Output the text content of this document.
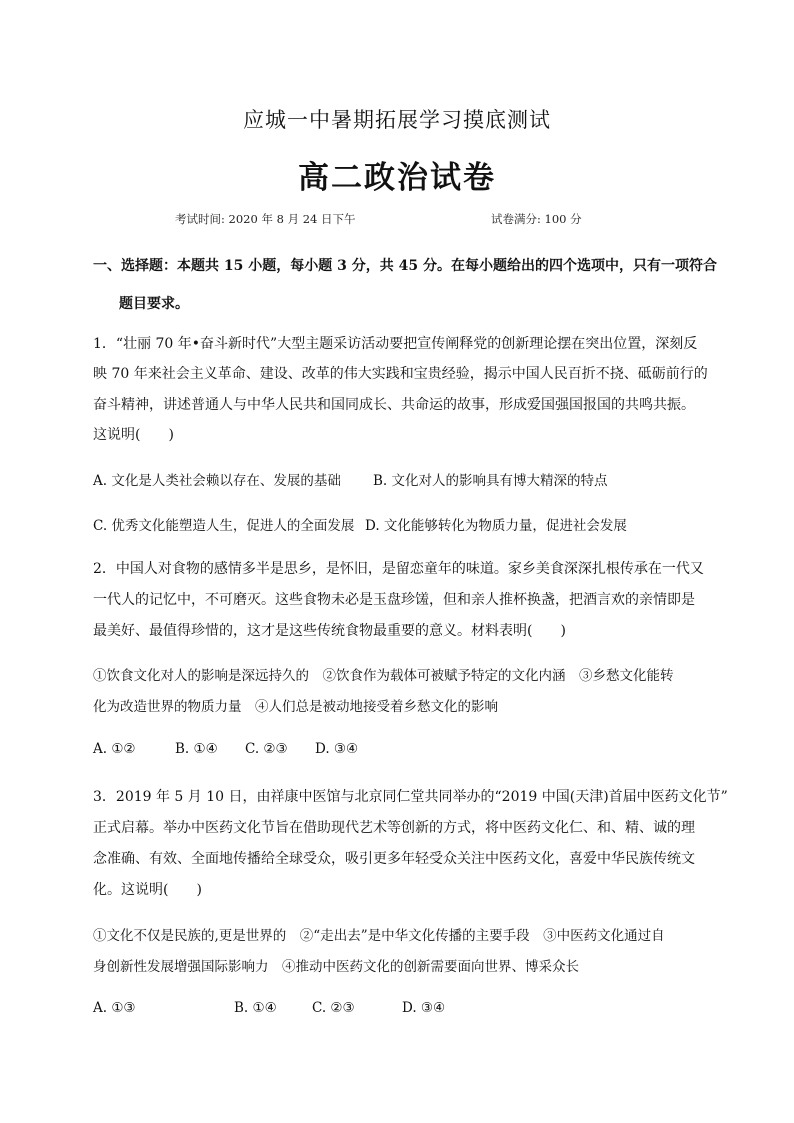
应城一中暑期拓展学习摸底测试
高二政治试卷
考试时间: 2020 年 8 月 24 日下午	试卷满分: 100 分
一、选择题：本题共 15 小题，每小题 3 分，共 45 分。在每小题给出的四个选项中，只有一项符合
题目要求。
1．“壮丽 70 年•奋斗新时代”大型主题采访活动要把宣传阐释党的创新理论摆在突出位置，深刻反
映 70 年来社会主义革命、建设、改革的伟大实践和宝贵经验，揭示中国人民百折不挠、砥砺前行的
奋斗精神，讲述普通人与中华人民共和国同成长、共命运的故事，形成爱国强国报国的共鸣共振。
这说明(　　)
A. 文化是人类社会赖以存在、发展的基础 B. 文化对人的影响具有博大精深的特点
C. 优秀文化能塑造人生，促进人的全面发展 D. 文化能够转化为物质力量，促进社会发展
2．中国人对食物的感情多半是思乡，是怀旧，是留恋童年的味道。家乡美食深深扎根传承在一代又
一代人的记忆中，不可磨灭。这些食物未必是玉盘珍馐，但和亲人推杯换盏，把酒言欢的亲情即是
最美好、最值得珍惜的，这才是这些传统食物最重要的意义。材料表明(　　)
①饮食文化对人的影响是深远持久的　②饮食作为载体可被赋予特定的文化内涵　③乡愁文化能转
化为改造世界的物质力量　④人们总是被动地接受着乡愁文化的影响
A. ①②	B. ①④ C. ②③ D. ③④
3．2019 年 5 月 10 日，由祥康中医馆与北京同仁堂共同举办的“2019 中国(天津)首届中医药文化节”
正式启幕。举办中医药文化节旨在借助现代艺术等创新的方式，将中医药文化仁、和、精、诚的理
念准确、有效、全面地传播给全球受众，吸引更多年轻受众关注中医药文化，喜爱中华民族传统文
化。这说明(　　)
①文化不仅是民族的,更是世界的　②“走出去”是中华文化传播的主要手段　③中医药文化通过自
身创新性发展增强国际影响力　④推动中医药文化的创新需要面向世界、博采众长
A. ①③	B. ①④	C. ②③	D. ③④
